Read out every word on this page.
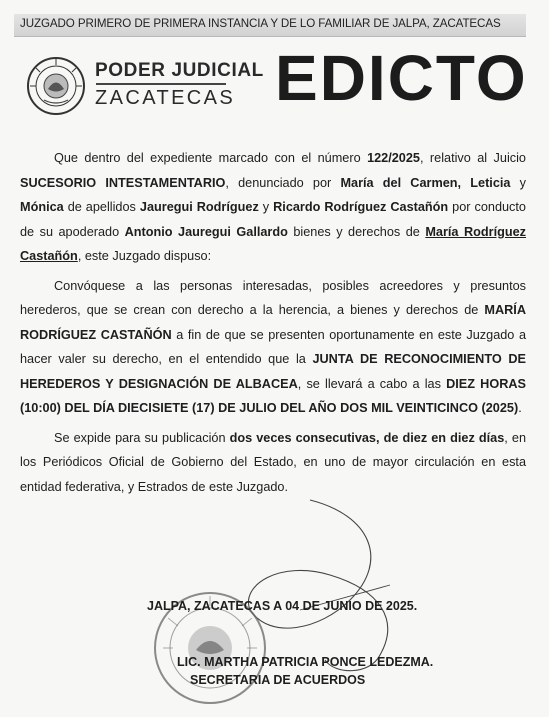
JUZGADO PRIMERO DE PRIMERA INSTANCIA Y DE LO FAMILIAR DE JALPA, ZACATECAS
PODER JUDICIAL
ZACATECAS EDICTO

Que dentro del expediente marcado con el número 122/2025, relativo al Juicio SUCESORIO INTESTAMENTARIO, denunciado por María del Carmen, Leticia y Mónica de apellidos Jauregui Rodríguez y Ricardo Rodríguez Castañón por conducto de su apoderado Antonio Jauregui Gallardo bienes y derechos de María Rodríguez Castañón, este Juzgado dispuso:

Convóquese a las personas interesadas, posibles acreedores y presuntos herederos, que se crean con derecho a la herencia, a bienes y derechos de MARÍA RODRÍGUEZ CASTAÑÓN a fin de que se presenten oportunamente en este Juzgado a hacer valer su derecho, en el entendido que la JUNTA DE RECONOCIMIENTO DE HEREDEROS Y DESIGNACIÓN DE ALBACEA, se llevará a cabo a las DIEZ HORAS (10:00) DEL DÍA DIECISIETE (17) DE JULIO DEL AÑO DOS MIL VEINTICINCO (2025).

Se expide para su publicación dos veces consecutivas, de diez en diez días, en los Periódicos Oficial de Gobierno del Estado, en uno de mayor circulación en esta entidad federativa, y Estrados de este Juzgado.

JALPA, ZACATECAS A 04 DE JUNIO DE 2025.
LIC. MARTHA PATRICIA PONCE LEDEZMA.
SECRETARIA DE ACUERDOS
